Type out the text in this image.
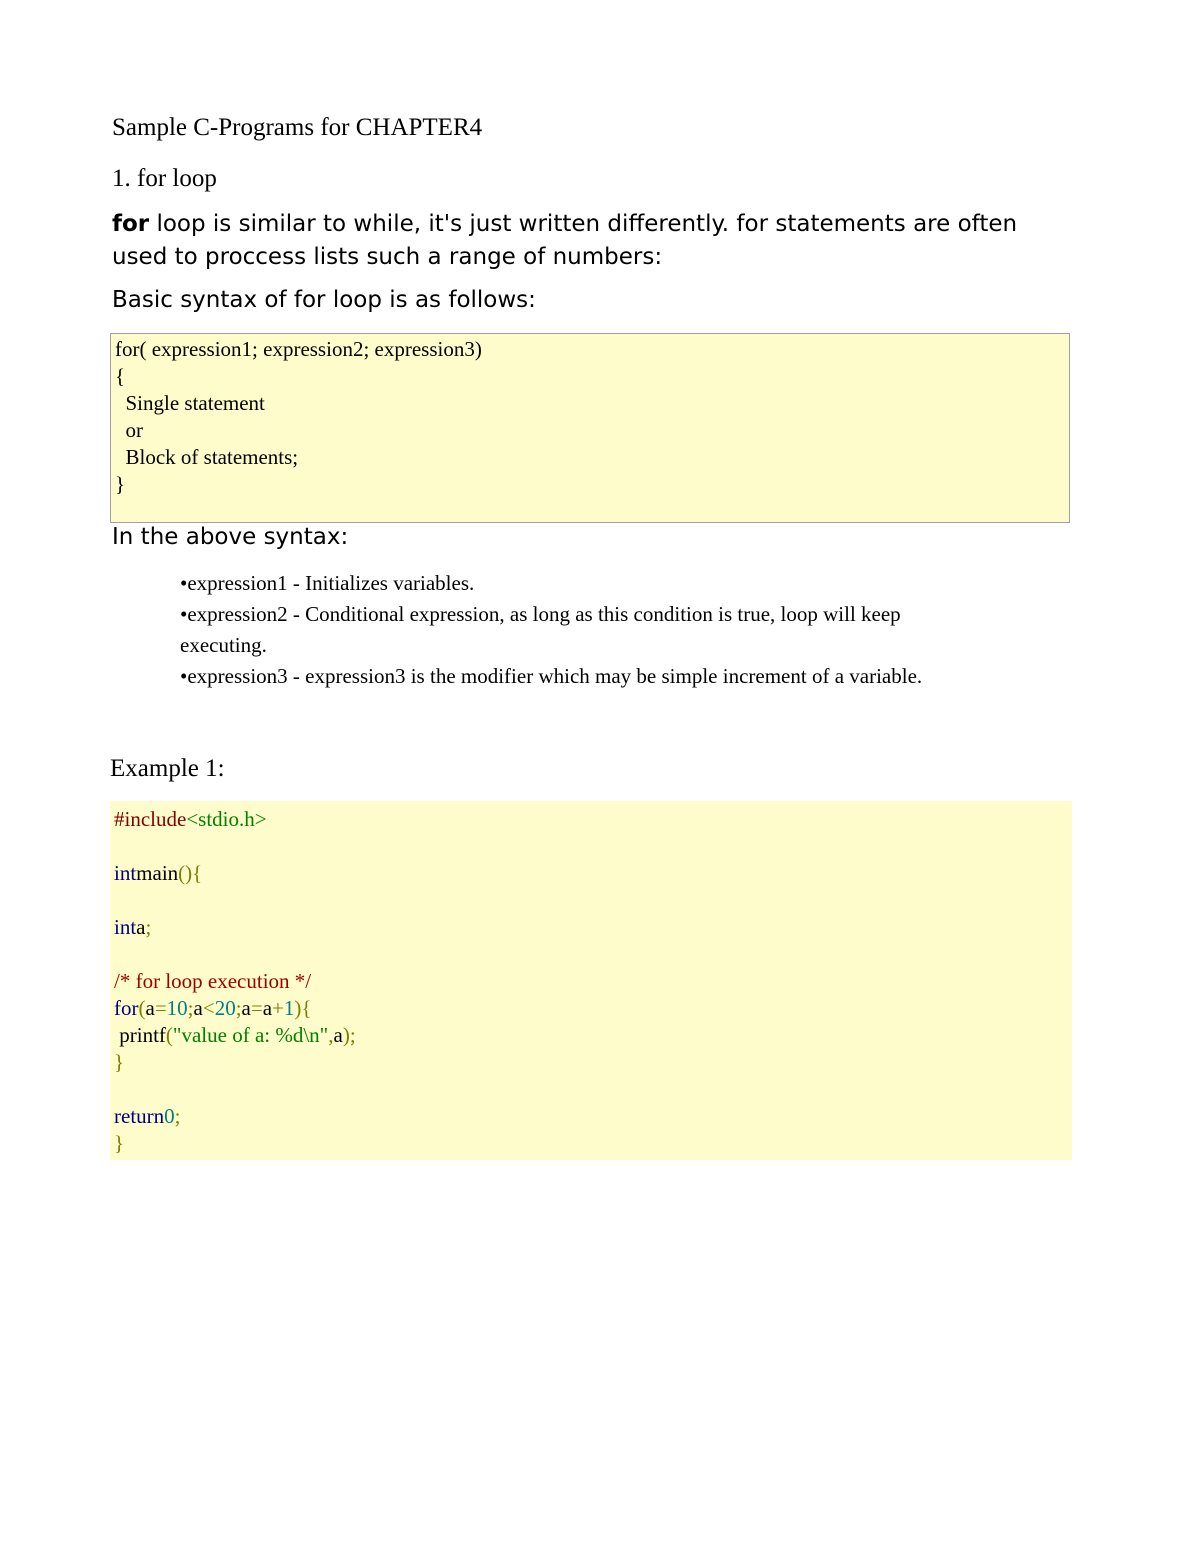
Sample C-Programs for CHAPTER4
1. for loop
for loop is similar to while, it's just written differently. for statements are often used to proccess lists such a range of numbers:
Basic syntax of for loop is as follows:
for( expression1; expression2; expression3)
{
Single statement
or
Block of statements;
}
In the above syntax:
•expression1 - Initializes variables.
•expression2 - Conditional expression, as long as this condition is true, loop will keep
executing.
•expression3 - expression3 is the modifier which may be simple increment of a variable.
Example 1:
#include<stdio.h>
intmain(){
inta;
/* for loop execution */
for(a=10;a<20;a=a+1){
printf("value of a: %d\n",a);
}
return0;
}
